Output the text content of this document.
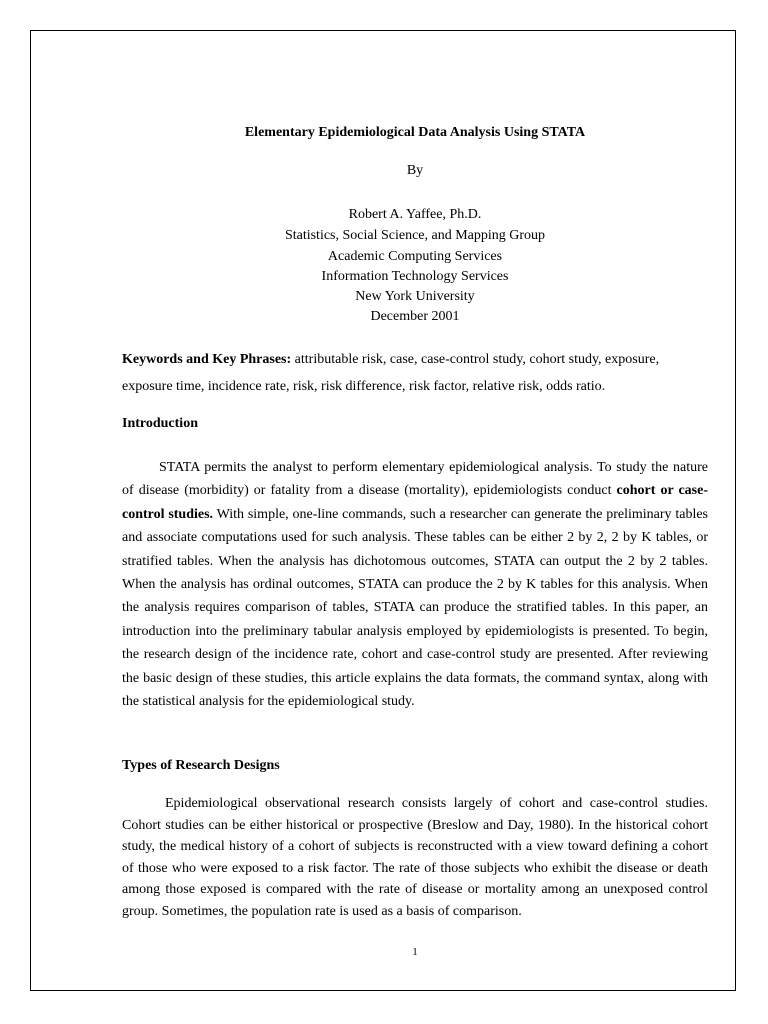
Elementary Epidemiological Data Analysis Using STATA
By
Robert A. Yaffee, Ph.D.
Statistics, Social Science, and Mapping Group
Academic Computing Services
Information Technology Services
New York University
December 2001
Keywords and Key Phrases: attributable risk, case, case-control study, cohort study, exposure, exposure time, incidence rate, risk, risk difference, risk factor, relative risk, odds ratio.
Introduction
STATA permits the analyst to perform elementary epidemiological analysis. To study the nature of disease (morbidity) or fatality from a disease (mortality), epidemiologists conduct cohort or case-control studies. With simple, one-line commands, such a researcher can generate the preliminary tables and associate computations used for such analysis. These tables can be either 2 by 2, 2 by K tables, or stratified tables. When the analysis has dichotomous outcomes, STATA can output the 2 by 2 tables. When the analysis has ordinal outcomes, STATA can produce the 2 by K tables for this analysis. When the analysis requires comparison of tables, STATA can produce the stratified tables. In this paper, an introduction into the preliminary tabular analysis employed by epidemiologists is presented. To begin, the research design of the incidence rate, cohort and case-control study are presented. After reviewing the basic design of these studies, this article explains the data formats, the command syntax, along with the statistical analysis for the epidemiological study.
Types of Research Designs
Epidemiological observational research consists largely of cohort and case-control studies. Cohort studies can be either historical or prospective (Breslow and Day, 1980). In the historical cohort study, the medical history of a cohort of subjects is reconstructed with a view toward defining a cohort of those who were exposed to a risk factor. The rate of those subjects who exhibit the disease or death among those exposed is compared with the rate of disease or mortality among an unexposed control group. Sometimes, the population rate is used as a basis of comparison.
1
